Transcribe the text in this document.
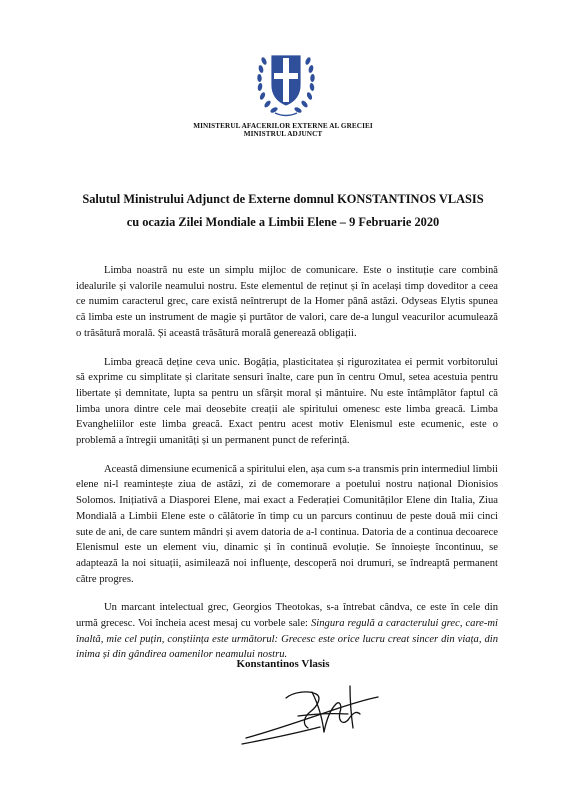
MINISTERUL AFACERILOR EXTERNE AL GRECIEI
MINISTRUL ADJUNCT
Salutul Ministrului Adjunct de Externe domnul KONSTANTINOS VLASIS
cu ocazia Zilei Mondiale a Limbii Elene – 9 Februarie 2020

Limba noastră nu este un simplu mijloc de comunicare. Este o instituție care combină idealurile și valorile neamului nostru. Este elementul de reținut și în același timp doveditor a ceea ce numim caracterul grec, care există neîntrerupt de la Homer până astăzi. Odyseas Elytis spunea că limba este un instrument de magie și purtător de valori, care de-a lungul veacurilor acumulează o trăsătură morală. Și această trăsătură morală generează obligații.

Limba greacă deține ceva unic. Bogăția, plasticitatea și rigurozitatea ei permit vorbitorului să exprime cu simplitate și claritate sensuri înalte, care pun în centru Omul, setea acestuia pentru libertate și demnitate, lupta sa pentru un sfârșit moral și mântuire. Nu este întâmplător faptul că limba unora dintre cele mai deosebite creații ale spiritului omenesc este limba greacă. Limba Evangheliilor este limba greacă. Exact pentru acest motiv Elenismul este ecumenic, este o problemă a întregii umanități și un permanent punct de referință.

Această dimensiune ecumenică a spiritului elen, așa cum s-a transmis prin intermediul limbii elene ni-l reamintește ziua de astăzi, zi de comemorare a poetului nostru național Dionisios Solomos. Inițiativă a Diasporei Elene, mai exact a Federației Comunităților Elene din Italia, Ziua Mondială a Limbii Elene este o călătorie în timp cu un parcurs continuu de peste două mii cinci sute de ani, de care suntem mândri și avem datoria de a-l continua. Datoria de a continua decoarece Elenismul este un element viu, dinamic și în continuă evoluție. Se înnoiește încontinuu, se adaptează la noi situații, asimilează noi influențe, descoperă noi drumuri, se îndreaptă permanent către progres.

Un marcant intelectual grec, Georgios Theotokas, s-a întrebat cândva, ce este în cele din urmă grecesc. Voi încheia acest mesaj cu vorbele sale: Singura regulă a caracterului grec, care-mi înaltă, mie cel puțin, conștiința este următorul: Grecesc este orice lucru creat sincer din viața, din inima și din gândirea oamenilor neamului nostru.

Konstantinos Vlasis
